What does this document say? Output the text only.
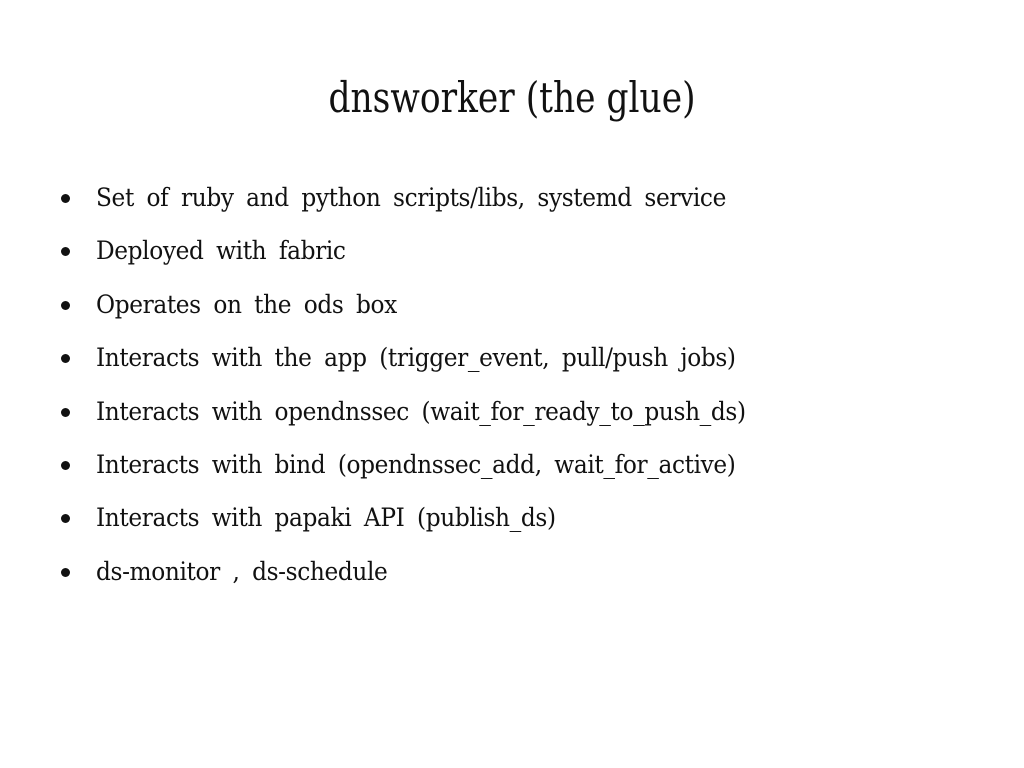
dnsworker (the glue)
Set of ruby and python scripts/libs, systemd service
Deployed with fabric
Operates on the ods box
Interacts with the app (trigger_event, pull/push jobs)
Interacts with opendnssec (wait_for_ready_to_push_ds)
Interacts with bind (opendnssec_add, wait_for_active)
Interacts with papaki API (publish_ds)
ds-monitor , ds-schedule
